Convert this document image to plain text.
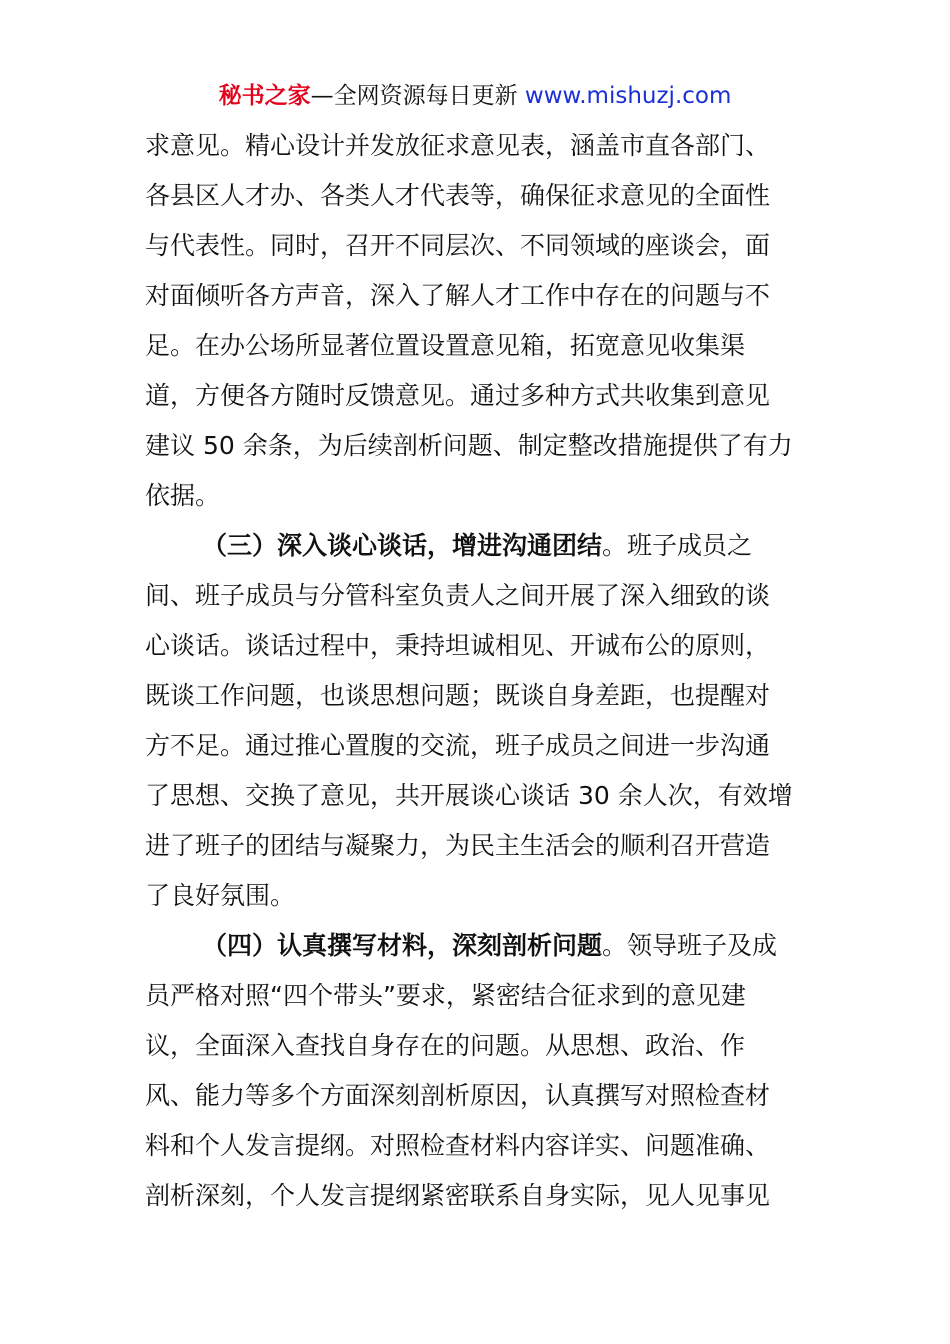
秘书之家—全网资源每日更新 www.mishuzj.com
求意见。精心设计并发放征求意见表，涵盖市直各部门、
各县区人才办、各类人才代表等，确保征求意见的全面性
与代表性。同时，召开不同层次、不同领域的座谈会，面
对面倾听各方声音，深入了解人才工作中存在的问题与不
足。在办公场所显著位置设置意见箱，拓宽意见收集渠
道，方便各方随时反馈意见。通过多种方式共收集到意见
建议 50 余条，为后续剖析问题、制定整改措施提供了有力
依据。
（三）深入谈心谈话，增进沟通团结。班子成员之
间、班子成员与分管科室负责人之间开展了深入细致的谈
心谈话。谈话过程中，秉持坦诚相见、开诚布公的原则，
既谈工作问题，也谈思想问题；既谈自身差距，也提醒对
方不足。通过推心置腹的交流，班子成员之间进一步沟通
了思想、交换了意见，共开展谈心谈话 30 余人次，有效增
进了班子的团结与凝聚力，为民主生活会的顺利召开营造
了良好氛围。
（四）认真撰写材料，深刻剖析问题。领导班子及成
员严格对照“四个带头”要求，紧密结合征求到的意见建
议，全面深入查找自身存在的问题。从思想、政治、作
风、能力等多个方面深刻剖析原因，认真撰写对照检查材
料和个人发言提纲。对照检查材料内容详实、问题准确、
剖析深刻，个人发言提纲紧密联系自身实际，见人见事见
